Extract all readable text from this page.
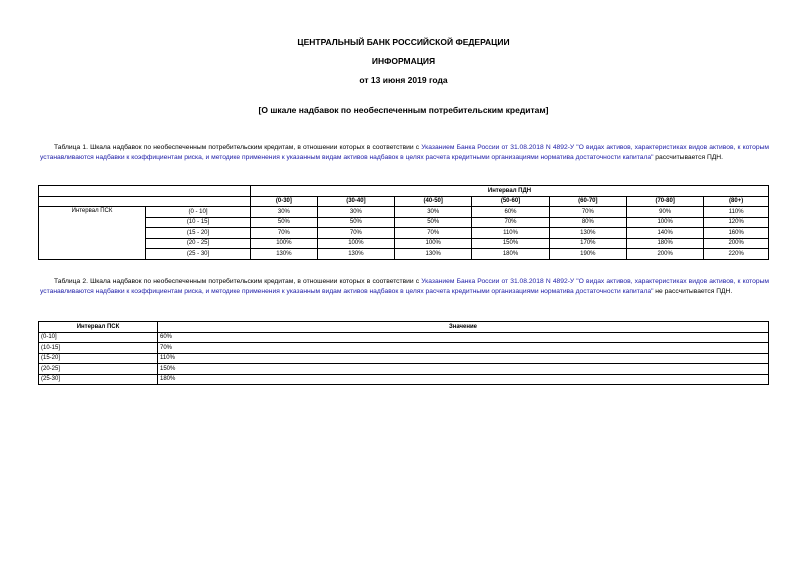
ЦЕНТРАЛЬНЫЙ БАНК РОССИЙСКОЙ ФЕДЕРАЦИИ
ИНФОРМАЦИЯ
от 13 июня 2019 года
[О шкале надбавок по необеспеченным потребительским кредитам]
Таблица 1. Шкала надбавок по необеспеченным потребительским кредитам, в отношении которых в соответствии с Указанием Банка России от 31.08.2018 N 4892-У "О видах активов, характеристиках видов активов, к которым устанавливаются надбавки к коэффициентам риска, и методике применения к указанным видам активов надбавок в целях расчета кредитными организациями норматива достаточности капитала" рассчитывается ПДН.
		Интервал ПДН						
		(0-30]	(30-40]	(40-50]	(50-60]	(60-70]	(70-80]	(80+)
Интервал ПСК	(0 - 10]	30%	30%	30%	60%	70%	90%	110%
	(10 - 15]	50%	50%	50%	70%	80%	100%	120%
	(15 - 20]	70%	70%	70%	110%	130%	140%	160%
	(20 - 25]	100%	100%	100%	150%	170%	180%	200%
	(25 - 30]	130%	130%	130%	180%	190%	200%	220%
Таблица 2. Шкала надбавок по необеспеченным потребительским кредитам, в отношении которых в соответствии с Указанием Банка России от 31.08.2018 N 4892-У "О видах активов, характеристиках видов активов, к которым устанавливаются надбавки к коэффициентам риска, и методике применения к указанным видам активов надбавок в целях расчета кредитными организациями норматива достаточности капитала" не рассчитывается ПДН.
Интервал ПСК	Значение
(0-10]	60%
(10-15]	70%
(15-20]	110%
(20-25]	150%
(25-30]	180%
